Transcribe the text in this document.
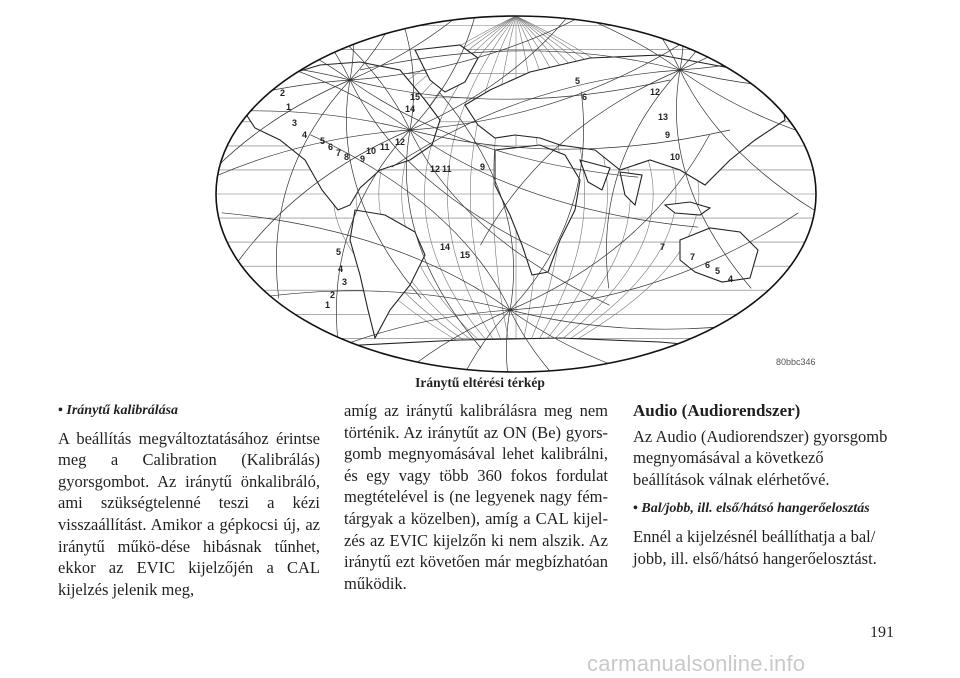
2
1
3
4
5
6
7 8 9
10 11 12
12 11	9
15
14
5
6	12
13
9
10
7
6
5
4
5
4
3
2
1
14
15
7
80bbc346
Iránytű eltérési térkép

• Iránytű kalibrálása

A beállítás megváltoztatásához érintse meg a Calibration (Kalibrálás) gyorsgombot. Az iránytű önkalibráló, ami szükségtelenné teszi a kézi visszaállítást. Amikor a gépkocsi új, az iránytű műkö-dése hibásnak tűnhet, ekkor az EVIC kijelzőjén a CAL kijelzés jelenik meg,

amíg az iránytű kalibrálásra meg nem történik. Az iránytűt az ON (Be) gyors-gomb megnyomásával lehet kalibrálni, és egy vagy több 360 fokos fordulat megtételével is (ne legyenek nagy fém-tárgyak a közelben), amíg a CAL kijel-zés az EVIC kijelzőn ki nem alszik. Az iránytű ezt követően már megbízhatóan működik.

Audio (Audiorendszer)

Az Audio (Audiorendszer) gyorsgomb megnyomásával a következő beállítások válnak elérhetővé.

• Bal/jobb, ill. első/hátsó hangerőelosztás

Ennél a kijelzésnél beállíthatja a bal/ jobb, ill. első/hátsó hangerőelosztást.

191
carmanualsonline.info
